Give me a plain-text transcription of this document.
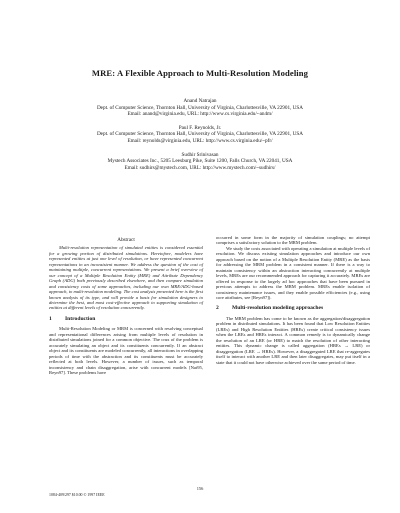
MRE: A Flexible Approach to Multi-Resolution Modeling
Anand Natrajan
Dept. of Computer Science, Thornton Hall, University of Virginia, Charlottesville, VA 22901, USA
Email: anand@virginia.edu, URL: http://www.cs.virginia.edu/~an4m/
Paul F. Reynolds, Jr.
Dept. of Computer Science, Thornton Hall, University of Virginia, Charlottesville, VA 22901, USA
Email: reynolds@virginia.edu, URL: http://www.cs.virginia.edu/~pfr/
Sudhir Srinivasan
Mystech Associates Inc., 5205 Leesburg Pike, Suite 1200, Falls Church, VA 22041, USA
Email: sudhirs@mystech.com, URL: http://www.mystech.com/~sudhirs/
Abstract

Multi-resolution representation of simulated entities is considered essential for a growing portion of distributed simulations. Heretofore, modelers have represented entities at just one level of resolution, or have represented concurrent representations in an inconsistent manner. We address the question of the cost of maintaining multiple, concurrent representations. We present a brief overview of our concept of a Multiple Resolution Entity (MRE) and Attribute Dependency Graph (ADG) both previously described elsewhere, and then compare simulation and consistency costs of some approaches, including our own MRE/ADG-based approach, to multi-resolution modeling. The cost analysis presented here is the first known analysis of its type, and will provide a basis for simulation designers to determine the best, and most cost-effective approach to supporting simulation of entities at different levels of resolution concurrently.

1 Introduction

Multi-Resolution Modeling or MRM is concerned with resolving conceptual and representational differences arising from multiple levels of resolution in distributed simulations joined for a common objective. The crux of the problem is accurately simulating an object and its constituents concurrently. If an abstract object and its constituents are modeled concurrently, all interactions in overlapping periods of time with the abstraction and its constituents must be accurately reflected at both levels. However, a number of issues, such as temporal inconsistency and chain disaggregation, arise with concurrent models [Nat95, Reyn97]. These problems have

occurred in some form in the majority of simulation couplings; no attempt comprises a satisfactory solution to the MRM problem.

We study the costs associated with operating a simulation at multiple levels of resolution. We discuss existing simulation approaches and introduce our own approach based on the notion of a Multiple Resolution Entity (MRE) as the basis for addressing the MRM problem in a consistent manner. If there is a way to maintain consistency within an abstraction interacting concurrently at multiple levels, MREs are our recommended approach for capturing it accurately. MREs are offered in response to the largely ad hoc approaches that have been pursued in previous attempts to address the MRM problem. MREs enable isolation of consistency maintenance issues, and they enable possible efficiencies (e.g., using core attributes, see [Reyn97]).

2 Multi-resolution modeling approaches

The MRM problem has come to be known as the aggregation/disaggregation problem in distributed simulations. It has been found that Low Resolution Entities (LREs) and High Resolution Entities (HREs) create critical consistency issues when the LREs and HREs interact. A common remedy is to dynamically change the resolution of an LRE (or HRE) to match the resolution of other interacting entities. This dynamic change is called aggregation (HREs → LRE) or disaggregation (LRE → HREs). However, a disaggregated LRE that re-aggregates itself to interact with another LRE and then later disaggregates, may put itself in a state that it could not have otherwise achieved over the same period of time.

156
1084-409/297 $10.00 © 1997 IEEE
